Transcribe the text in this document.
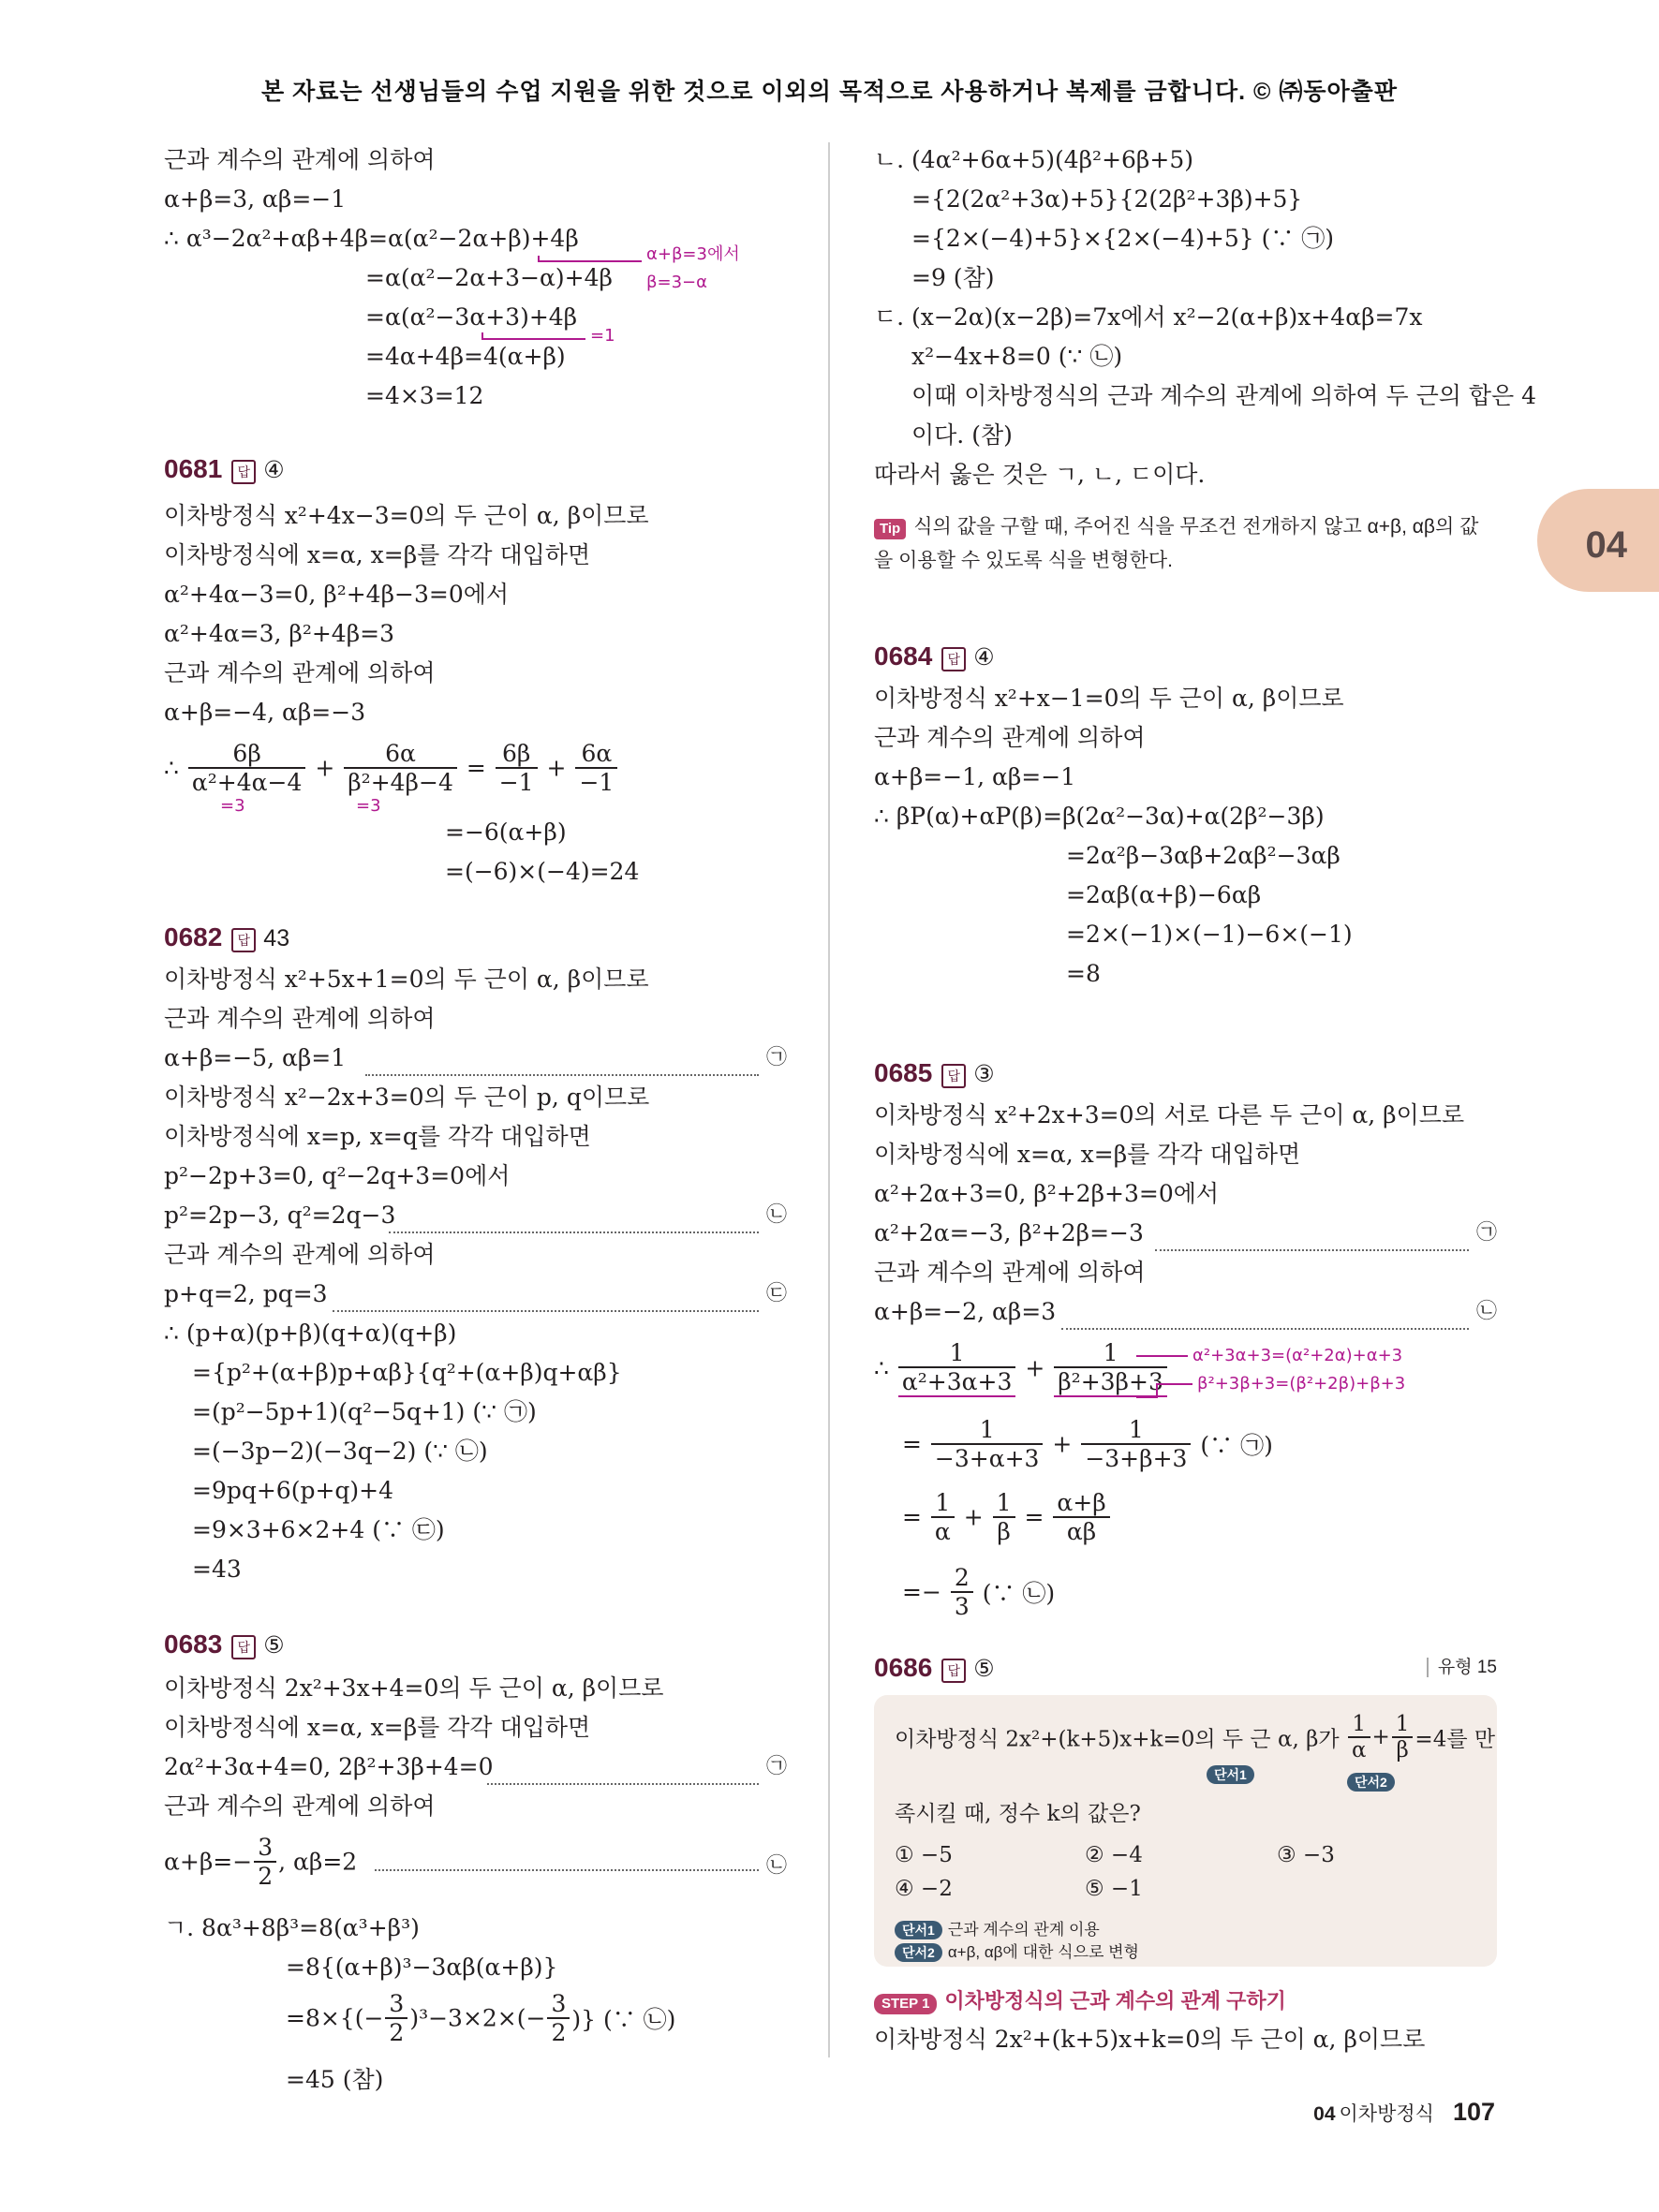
본 자료는 선생님들의 수업 지원을 위한 것으로 이외의 목적으로 사용하거나 복제를 금합니다. © ㈜동아출판
04
근과 계수의 관계에 의하여
α+β=3, αβ=−1
∴ α³−2α²+αβ+4β=α(α²−2α+β)+4β
=α(α²−2α+3−α)+4β
=α(α²−3α+3)+4β
=4α+4β=4(α+β)
=4×3=12
α+β=3에서
β=3−α
=1
0681 답 ④
이차방정식 x²+4x−3=0의 두 근이 α, β이므로
이차방정식에 x=α, x=β를 각각 대입하면
α²+4α−3=0, β²+4β−3=0에서
α²+4α=3, β²+4β=3
근과 계수의 관계에 의하여
α+β=−4, αβ=−3
∴ $\frac{6\beta}{\text{α²+4α−4}} + \frac{6\alpha}{\text{β²+4β−4}} = \frac{6\beta}{-1} + \frac{6\alpha}{-1}$
=3	=3
=−6(α+β)
=(−6)×(−4)=24
0682 답 43
이차방정식 x²+5x+1=0의 두 근이 α, β이므로
근과 계수의 관계에 의하여
α+β=−5, αβ=1	㉠
이차방정식 x²−2x+3=0의 두 근이 p, q이므로
이차방정식에 x=p, x=q를 각각 대입하면
p²−2p+3=0, q²−2q+3=0에서
p²=2p−3, q²=2q−3	㉡
근과 계수의 관계에 의하여
p+q=2, pq=3	㉢
∴ (p+α)(p+β)(q+α)(q+β)
={p²+(α+β)p+αβ}{q²+(α+β)q+αβ}
=(p²−5p+1)(q²−5q+1) (∵ ㉠)
=(−3p−2)(−3q−2) (∵ ㉡)
=9pq+6(p+q)+4
=9×3+6×2+4 (∵ ㉢)
=43
0683 답 ⑤
이차방정식 2x²+3x+4=0의 두 근이 α, β이므로
이차방정식에 x=α, x=β를 각각 대입하면
2α²+3α+4=0, 2β²+3β+4=0	㉠
근과 계수의 관계에 의하여
$\alpha+\beta=- \frac{3}{2}$ , αβ=2	㉡
ㄱ. 8α³+8β³=8(α³+β³)
=8{(α+β)³−3αβ(α+β)}
$=8\times\{(- \frac{3}{2} )^3-3\times 2\times(- \frac{3}{2}$ )} (∵ ㉡)
=45 (참)
ㄴ. (4α²+6α+5)(4β²+6β+5)
={2(2α²+3α)+5}{2(2β²+3β)+5}
={2×(−4)+5}×{2×(−4)+5} (∵ ㉠)
=9 (참)
ㄷ. (x−2α)(x−2β)=7x에서 x²−2(α+β)x+4αβ=7x
x²−4x+8=0 (∵ ㉡)
이때 이차방정식의 근과 계수의 관계에 의하여 두 근의 합은 4
이다. (참)
따라서 옳은 것은 ㄱ, ㄴ, ㄷ이다.
Tip 식의 값을 구할 때, 주어진 식을 무조건 전개하지 않고 α+β, αβ의 값
을 이용할 수 있도록 식을 변형한다.
0684 답 ④
이차방정식 x²+x−1=0의 두 근이 α, β이므로
근과 계수의 관계에 의하여
α+β=−1, αβ=−1
∴ βP(α)+αP(β)=β(2α²−3α)+α(2β²−3β)
=2α²β−3αβ+2αβ²−3αβ
=2αβ(α+β)−6αβ
=2×(−1)×(−1)−6×(−1)
=8
0685 답 ③
이차방정식 x²+2x+3=0의 서로 다른 두 근이 α, β이므로
이차방정식에 x=α, x=β를 각각 대입하면
α²+2α+3=0, β²+2β+3=0에서
α²+2α=−3, β²+2β=−3	㉠
근과 계수의 관계에 의하여
α+β=−2, αβ=3	㉡
∴ $\frac{1}{\text{α²+3α+3}} + \frac{1}{\text{β²+3β+3}} \alpha^2+3\alpha+3=(\alpha^2+2\alpha)+\alpha+3$
β²+3β+3=(β²+2β)+β+3
= $\frac{1}{-3+\alpha+3} + \frac{1}{-3+\beta+3}$ (∵ ㉠)
= $\frac{1}{\alpha} + \frac{1}{\beta} = \frac{\alpha+\beta}{\alpha\beta}$
=− $\frac{2}{3}$ (∵ ㉡)
0686 답 ⑤	유형 15
이차방정식 2x²+(k+5)x+k=0의 두 근 α, β가 $\frac{1}{\alpha} + \frac{1}{\beta} =4$를 만
단서1	단서2
족시킬 때, 정수 k의 값은?
① −5	② −4	③ −3
④ −2	⑤ −1
단서1 근과 계수의 관계 이용
단서2 α+β, αβ에 대한 식으로 변형
STEP 1 이차방정식의 근과 계수의 관계 구하기
이차방정식 2x²+(k+5)x+k=0의 두 근이 α, β이므로
04 이차방정식 107
